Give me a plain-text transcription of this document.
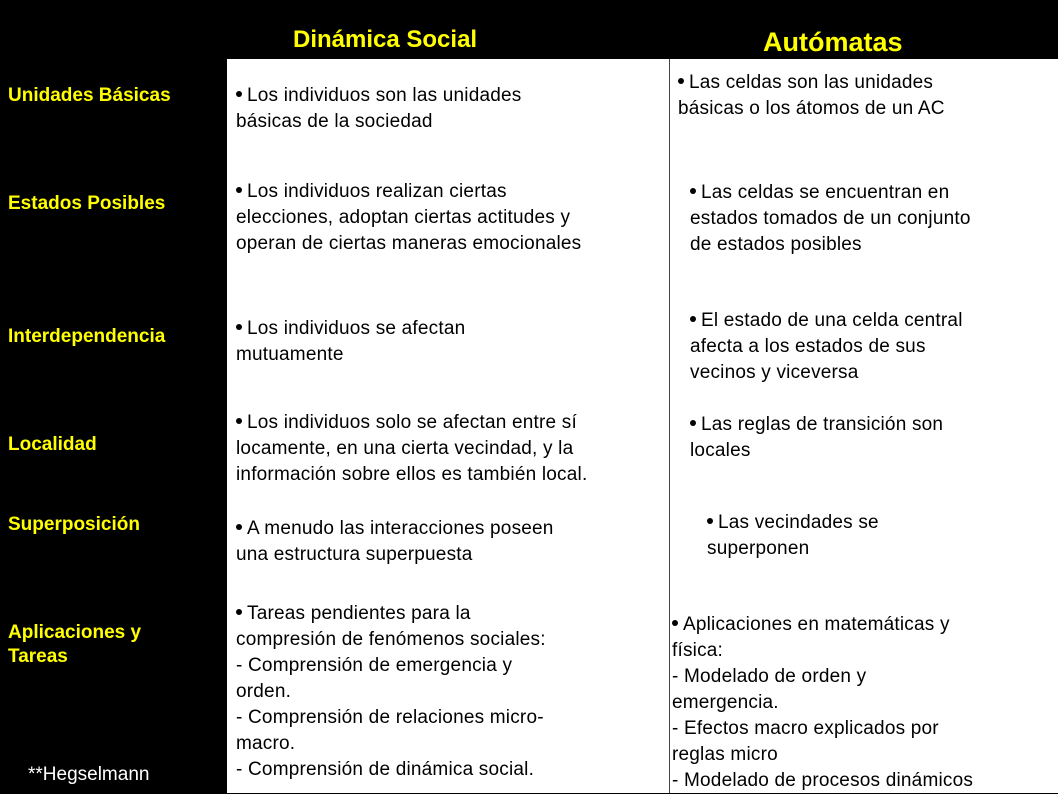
Dinámica Social	Autómatas
Unidades Básicas
Estados Posibles
Interdependencia
Localidad
Superposición
Aplicaciones y
Tareas
Los individuos son las unidades
básicas de la sociedad
Los individuos realizan ciertas
elecciones, adoptan ciertas actitudes y
operan de ciertas maneras emocionales
Los individuos se afectan
mutuamente
Los individuos solo se afectan entre sí
locamente, en una cierta vecindad, y la
información sobre ellos es también local.
A menudo las interacciones poseen
una estructura superpuesta
Tareas pendientes para la
compresión de fenómenos sociales:
- Comprensión de emergencia y
orden.
- Comprensión de relaciones micro-
macro.
- Comprensión de dinámica social.
Las celdas son las unidades
básicas o los átomos de un AC
Las celdas se encuentran en
estados tomados de un conjunto
de estados posibles
El estado de una celda central
afecta a los estados de sus
vecinos y viceversa
Las reglas de transición son
locales
Las vecindades se
superponen
Aplicaciones en matemáticas y
física:
- Modelado de orden y
emergencia.
- Efectos macro explicados por
reglas micro
- Modelado de procesos dinámicos
**Hegselmann
